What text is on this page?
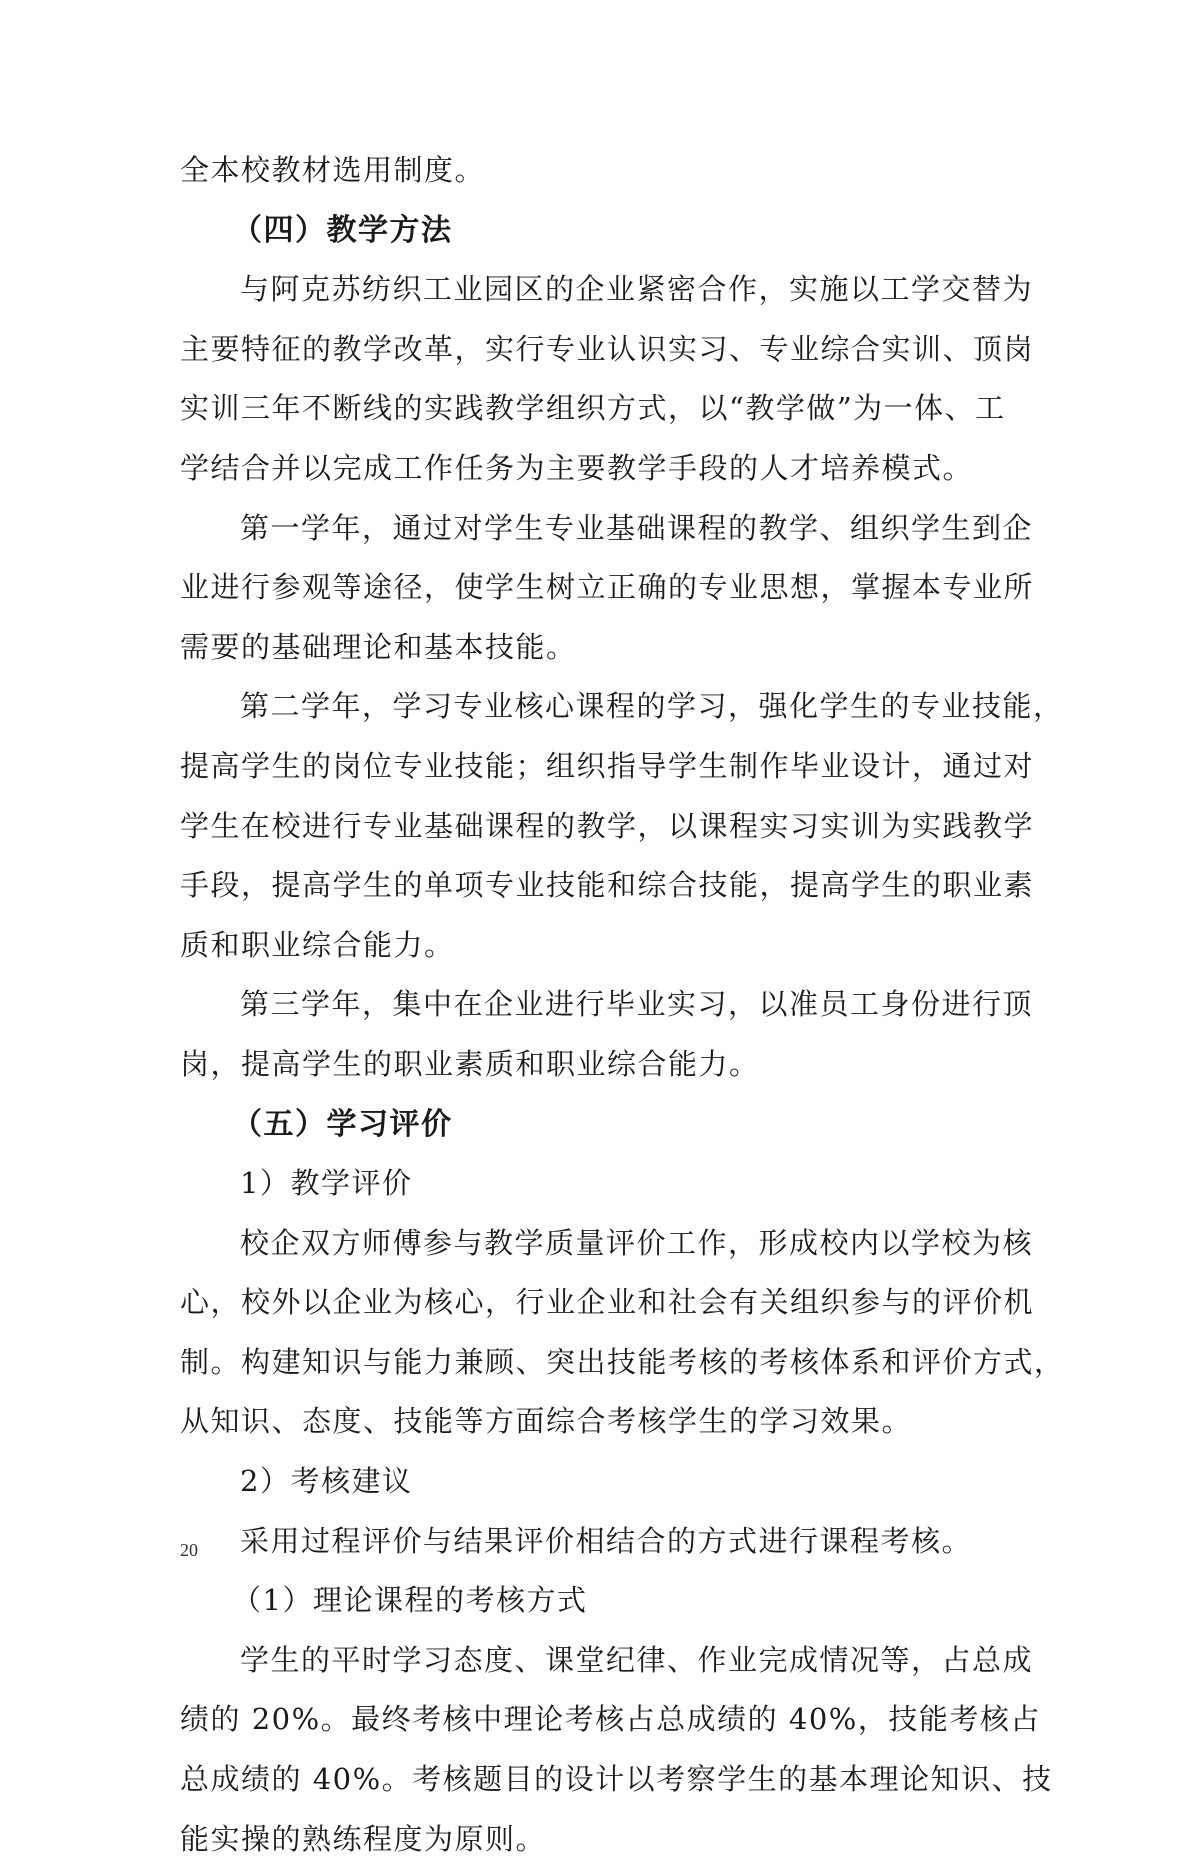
全本校教材选用制度。
（四）教学方法
与阿克苏纺织工业园区的企业紧密合作，实施以工学交替为
主要特征的教学改革，实行专业认识实习、专业综合实训、顶岗
实训三年不断线的实践教学组织方式，以“教学做”为一体、工
学结合并以完成工作任务为主要教学手段的人才培养模式。
第一学年，通过对学生专业基础课程的教学、组织学生到企
业进行参观等途径，使学生树立正确的专业思想，掌握本专业所
需要的基础理论和基本技能。
第二学年，学习专业核心课程的学习，强化学生的专业技能，
提高学生的岗位专业技能；组织指导学生制作毕业设计，通过对
学生在校进行专业基础课程的教学，以课程实习实训为实践教学
手段，提高学生的单项专业技能和综合技能，提高学生的职业素
质和职业综合能力。
第三学年，集中在企业进行毕业实习，以准员工身份进行顶
岗，提高学生的职业素质和职业综合能力。
（五）学习评价
1）教学评价
校企双方师傅参与教学质量评价工作，形成校内以学校为核
心，校外以企业为核心，行业企业和社会有关组织参与的评价机
制。构建知识与能力兼顾、突出技能考核的考核体系和评价方式，
从知识、态度、技能等方面综合考核学生的学习效果。
2）考核建议
采用过程评价与结果评价相结合的方式进行课程考核。
（1）理论课程的考核方式
学生的平时学习态度、课堂纪律、作业完成情况等，占总成
绩的 20%。最终考核中理论考核占总成绩的 40%，技能考核占
总成绩的 40%。考核题目的设计以考察学生的基本理论知识、技
能实操的熟练程度为原则。
20
